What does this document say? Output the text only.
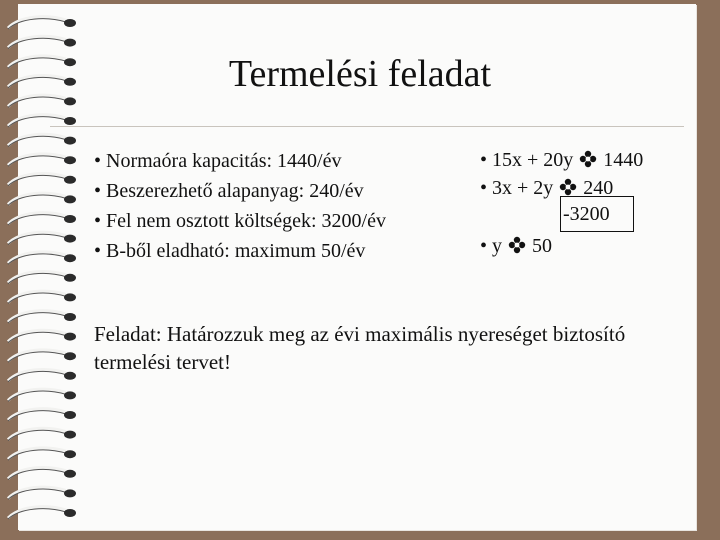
Termelési feladat
• Normaóra kapacitás: 1440/év
• Beszerezhető alapanyag: 240/év
• Fel nem osztott költségek: 3200/év
• B-ből eladható: maximum 50/év
• 15x + 20y 1440
• 3x + 2y 240
-3200
• y 50
Feladat: Határozzuk meg az évi maximális nyereséget biztosító termelési tervet!
